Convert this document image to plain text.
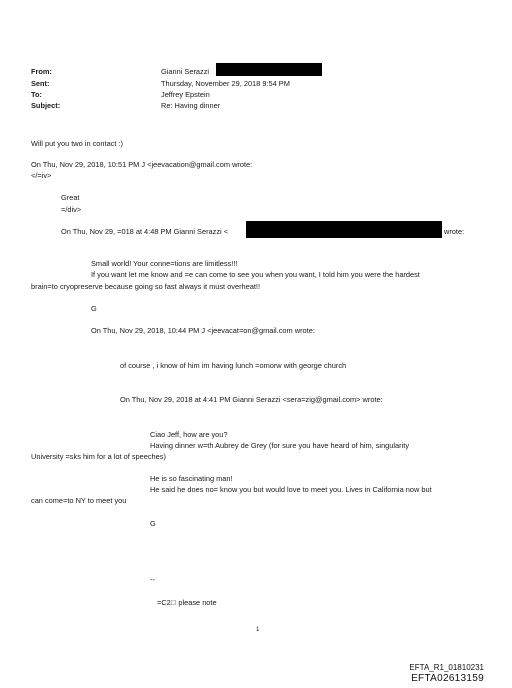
From:	Gianni Serazzi
Sent:	Thursday, November 29, 2018 9:54 PM
To:	Jeffrey Epstein
Subject:	Re: Having dinner
Will put you two in contact :)
On Thu, Nov 29, 2018, 10:51 PM J <jeevacation@gmail.com wrote:
</=iv>
Great
=/div>
On Thu, Nov 29, =018 at 4:48 PM Gianni Serazzi <	wrote:
Small world! Your conne=tions are limitless!!!
If you want let me know and =e can come to see you when you want, I told him you were the hardest
brain=to cryopreserve because going so fast always it must overheat!!
G
On Thu, Nov 29, 2018, 10:44 PM J <jeevacat=on@gmail.com wrote:
of course , i know of him im having lunch =omorw with george church
On Thu, Nov 29, 2018 at 4:41 PM Gianni Serazzi <sera=zig@gmail.com> wrote:
Ciao Jeff, how are you?
Having dinner w=th Aubrey de Grey (for sure you have heard of him, singularity
University =sks him for a lot of speeches)
He is so fascinating man!
He said he does no= know you but would love to meet you. Lives in California now but
can come=to NY to meet you
G
--
=C2  please note
1
EFTA_R1_01810231
EFTA02613159
